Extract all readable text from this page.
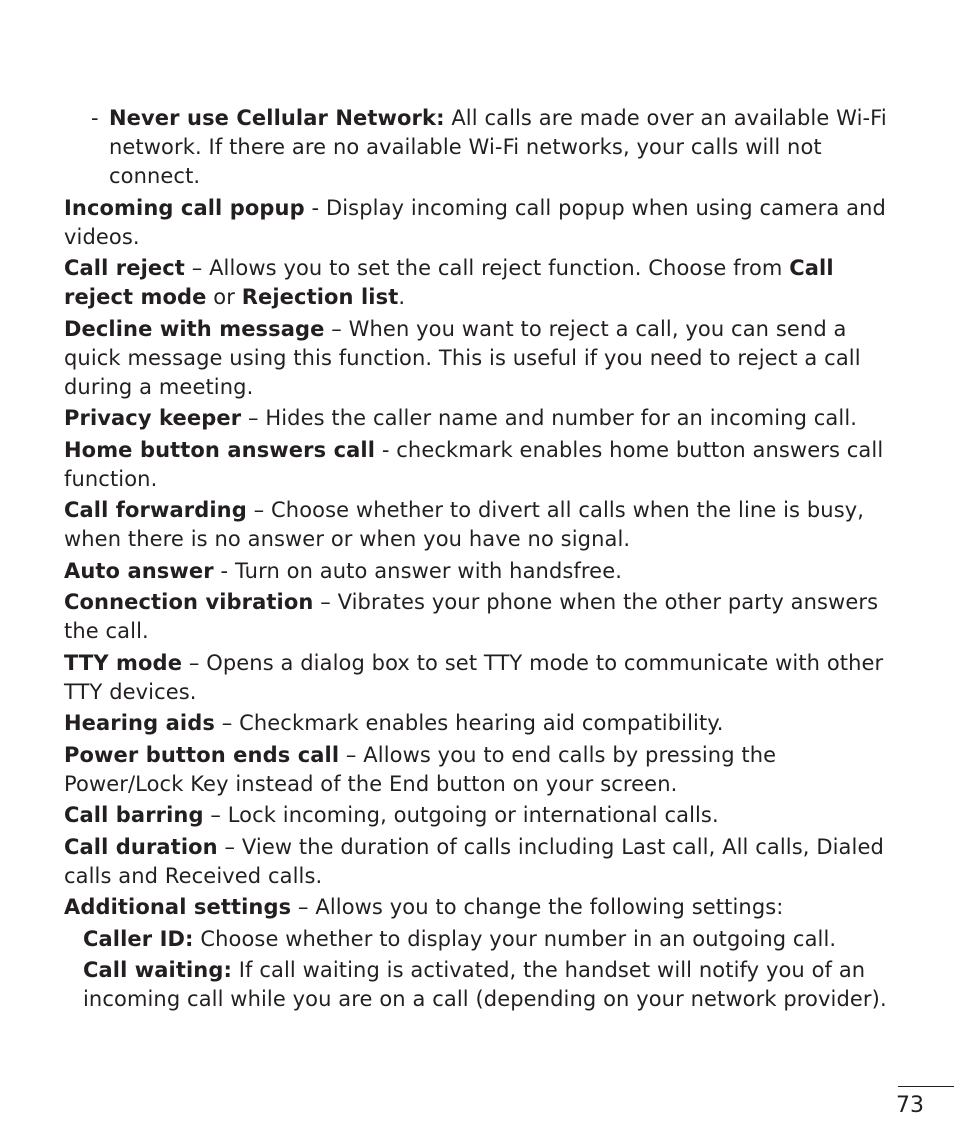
- Never use Cellular Network: All calls are made over an available Wi-Fi network. If there are no available Wi-Fi networks, your calls will not connect.

Incoming call popup - Display incoming call popup when using camera and videos.

Call reject – Allows you to set the call reject function. Choose from Call reject mode or Rejection list.

Decline with message – When you want to reject a call, you can send a quick message using this function. This is useful if you need to reject a call during a meeting.

Privacy keeper – Hides the caller name and number for an incoming call.

Home button answers call - checkmark enables home button answers call function.

Call forwarding – Choose whether to divert all calls when the line is busy, when there is no answer or when you have no signal.

Auto answer - Turn on auto answer with handsfree.

Connection vibration – Vibrates your phone when the other party answers the call.

TTY mode – Opens a dialog box to set TTY mode to communicate with other TTY devices.

Hearing aids – Checkmark enables hearing aid compatibility.

Power button ends call – Allows you to end calls by pressing the Power/Lock Key instead of the End button on your screen.

Call barring – Lock incoming, outgoing or international calls.

Call duration – View the duration of calls including Last call, All calls, Dialed calls and Received calls.

Additional settings – Allows you to change the following settings:

Caller ID: Choose whether to display your number in an outgoing call.

Call waiting: If call waiting is activated, the handset will notify you of an incoming call while you are on a call (depending on your network provider).

73
